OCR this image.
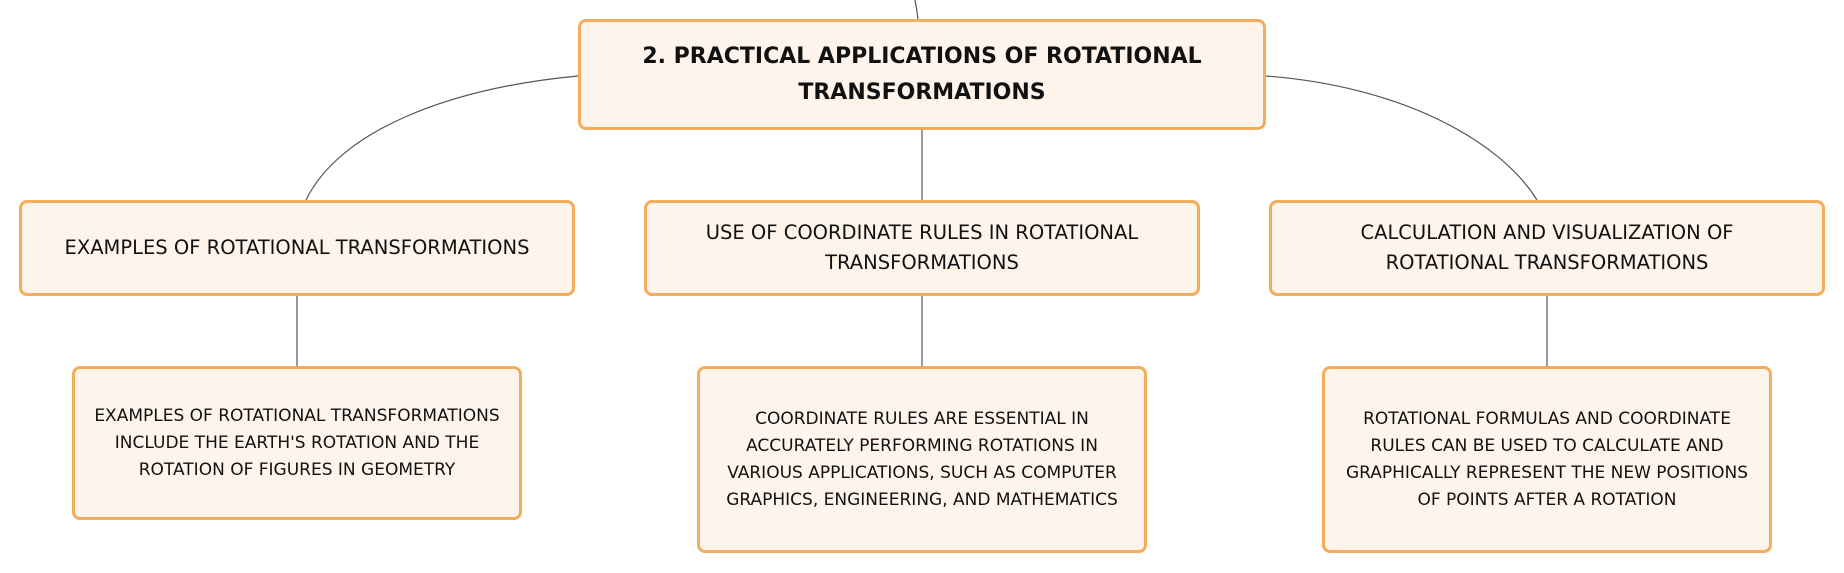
2. PRACTICAL APPLICATIONS OF ROTATIONAL TRANSFORMATIONS
EXAMPLES OF ROTATIONAL TRANSFORMATIONS
USE OF COORDINATE RULES IN ROTATIONAL TRANSFORMATIONS
CALCULATION AND VISUALIZATION OF ROTATIONAL TRANSFORMATIONS
EXAMPLES OF ROTATIONAL TRANSFORMATIONS INCLUDE THE EARTH'S ROTATION AND THE ROTATION OF FIGURES IN GEOMETRY
COORDINATE RULES ARE ESSENTIAL IN ACCURATELY PERFORMING ROTATIONS IN VARIOUS APPLICATIONS, SUCH AS COMPUTER GRAPHICS, ENGINEERING, AND MATHEMATICS
ROTATIONAL FORMULAS AND COORDINATE RULES CAN BE USED TO CALCULATE AND GRAPHICALLY REPRESENT THE NEW POSITIONS OF POINTS AFTER A ROTATION
